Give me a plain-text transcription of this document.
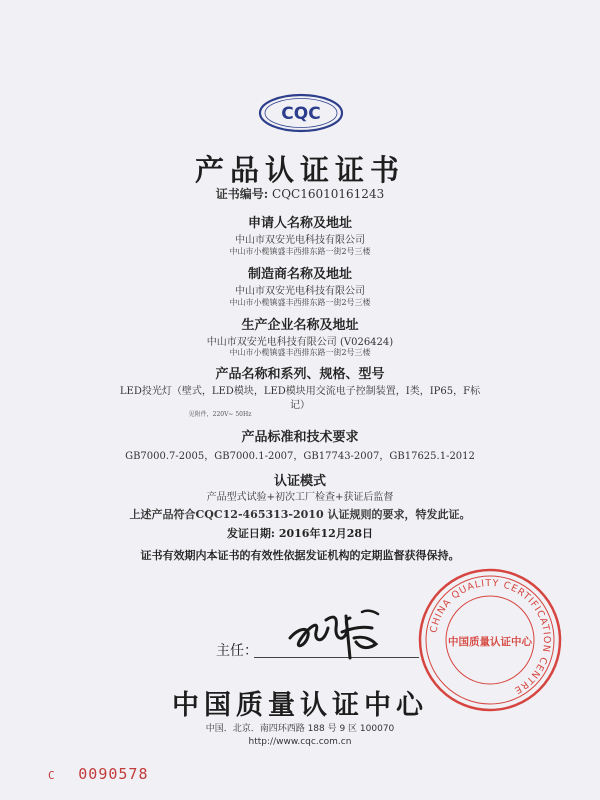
CQC
产品认证证书
证书编号: CQC16010161243
申请人名称及地址
中山市双安光电科技有限公司
中山市小榄镇盛丰西排东路一街2号三楼
制造商名称及地址
中山市双安光电科技有限公司
中山市小榄镇盛丰西排东路一街2号三楼
生产企业名称及地址
中山市双安光电科技有限公司 (V026424)
中山市小榄镇盛丰西排东路一街2号三楼
产品名称和系列、规格、型号
LED投光灯（壁式，LED模块，LED模块用交流电子控制装置，I类，IP65，F标
记）
见附件，220V~ 50Hz
产品标准和技术要求
GB7000.7-2005，GB7000.1-2007，GB17743-2007，GB17625.1-2012
认证模式
产品型式试验+初次工厂检查+获证后监督
上述产品符合CQC12-465313-2010 认证规则的要求，特发此证。
发证日期: 2016年12月28日
证书有效期内本证书的有效性依据发证机构的定期监督获得保持。
主任：
CHINA QUALITY CERTIFICATION CENTRE
中国质量认证中心
中国质量认证中心
中国．北京．南四环西路 188 号 9 区 100070
http://www.cqc.com.cn
C 0090578
